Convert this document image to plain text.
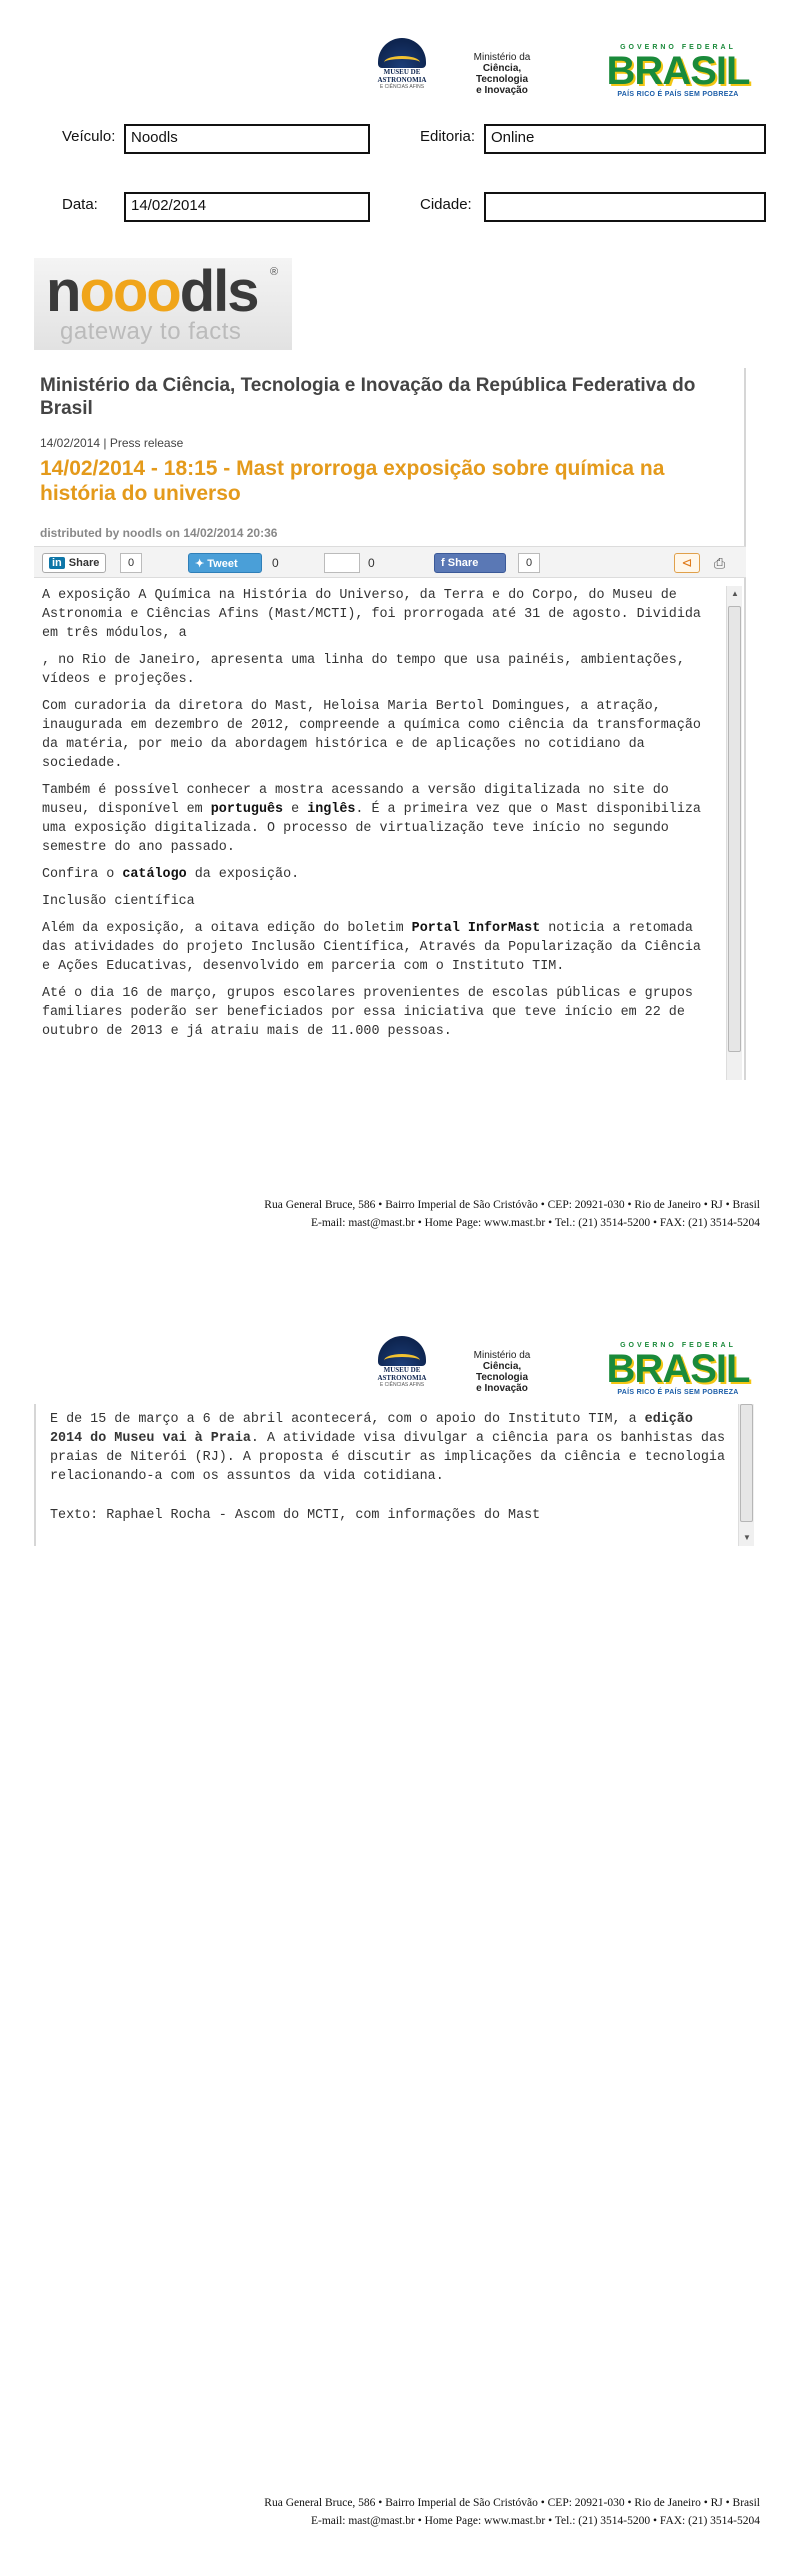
MUSEU DE ASTRONOMIA
E CIÊNCIAS AFINS
Ministério da
Ciência, Tecnologia
e Inovação
GOVERNO FEDERAL
BRASIL
PAÍS RICO É PAÍS SEM POBREZA
Veículo:	Noodls	Editoria:	Online
Data:	14/02/2014	Cidade:
nooodls ®
gateway to facts
Ministério da Ciência, Tecnologia e Inovação da República Federativa do Brasil
14/02/2014 | Press release
14/02/2014 - 18:15 - Mast prorroga exposição sobre química na história do universo
distributed by noodls on 14/02/2014 20:36
in Share	0	✦ Tweet	0	0	f Share	0	⊲	⎙

A exposição A Química na História do Universo, da Terra e do Corpo, do Museu de Astronomia e Ciências Afins (Mast/MCTI), foi prorrogada até 31 de agosto. Dividida em três módulos, a

, no Rio de Janeiro, apresenta uma linha do tempo que usa painéis, ambientações, vídeos e projeções.

Com curadoria da diretora do Mast, Heloisa Maria Bertol Domingues, a atração, inaugurada em dezembro de 2012, compreende a química como ciência da transformação da matéria, por meio da abordagem histórica e de aplicações no cotidiano da sociedade.

Também é possível conhecer a mostra acessando a versão digitalizada no site do museu, disponível em português e inglês. É a primeira vez que o Mast disponibiliza uma exposição digitalizada. O processo de virtualização teve início no segundo semestre do ano passado.

Confira o catálogo da exposição.

Inclusão científica

Além da exposição, a oitava edição do boletim Portal InforMast noticia a retomada das atividades do projeto Inclusão Científica, Através da Popularização da Ciência e Ações Educativas, desenvolvido em parceria com o Instituto TIM.

Até o dia 16 de março, grupos escolares provenientes de escolas públicas e grupos familiares poderão ser beneficiados por essa iniciativa que teve início em 22 de outubro de 2013 e já atraiu mais de 11.000 pessoas.

▲
Rua General Bruce, 586 • Bairro Imperial de São Cristóvão • CEP: 20921-030 • Rio de Janeiro • RJ • Brasil
E-mail: mast@mast.br • Home Page: www.mast.br • Tel.: (21) 3514-5200 • FAX: (21) 3514-5204
MUSEU DE ASTRONOMIA
E CIÊNCIAS AFINS
Ministério da
Ciência, Tecnologia
e Inovação
GOVERNO FEDERAL
BRASIL
PAÍS RICO É PAÍS SEM POBREZA

E de 15 de março a 6 de abril acontecerá, com o apoio do Instituto TIM, a edição 2014 do Museu vai à Praia. A atividade visa divulgar a ciência para os banhistas das praias de Niterói (RJ). A proposta é discutir as implicações da ciência e tecnologia relacionando-a com os assuntos da vida cotidiana.

Texto: Raphael Rocha - Ascom do MCTI, com informações do Mast

▼
Rua General Bruce, 586 • Bairro Imperial de São Cristóvão • CEP: 20921-030 • Rio de Janeiro • RJ • Brasil
E-mail: mast@mast.br • Home Page: www.mast.br • Tel.: (21) 3514-5200 • FAX: (21) 3514-5204
